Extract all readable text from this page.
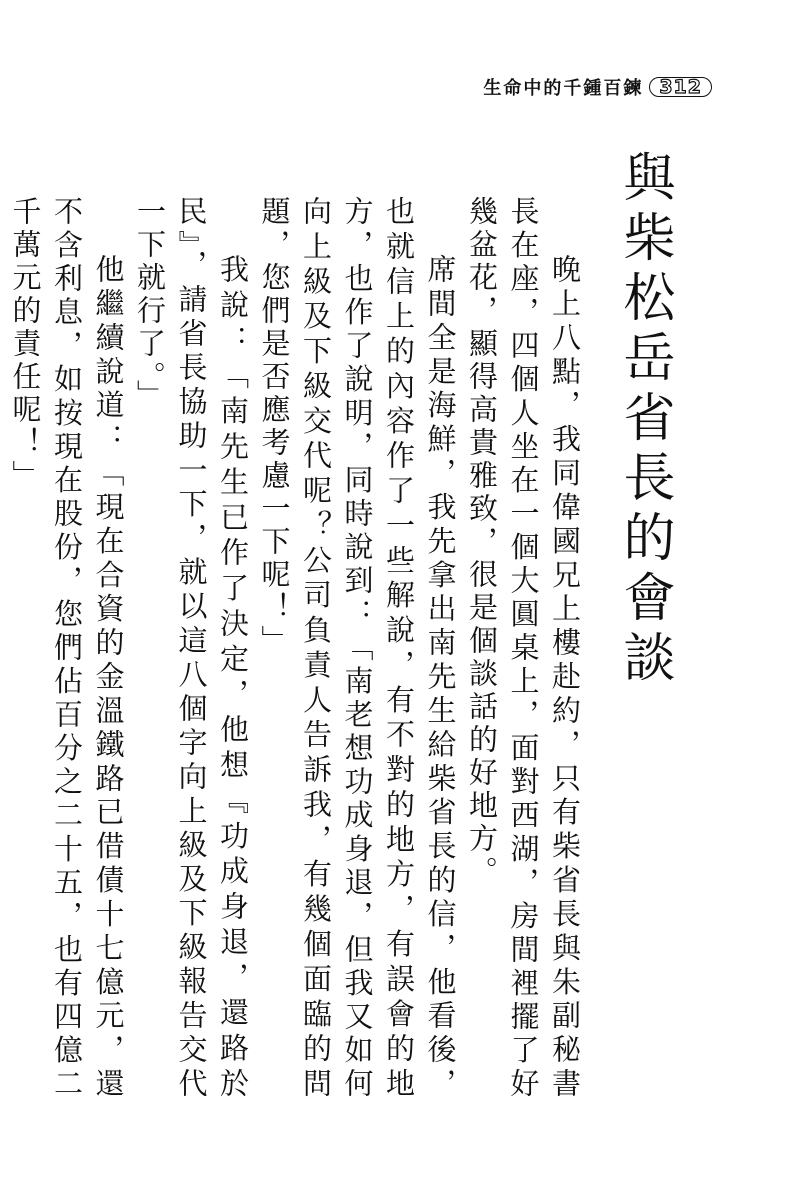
生命中的千鍾百鍊 312
與柴松岳省長的會談

晚上八點，我同偉國兄上樓赴約，只有柴省長與朱副秘書長在座，四個人坐在一個大圓桌上，面對西湖，房間裡擺了好幾盆花，顯得高貴雅致，很是個談話的好地方。

席間全是海鮮，我先拿出南先生給柴省長的信，他看後，也就信上的內容作了一些解說，有不對的地方，有誤會的地方，也作了說明，同時說到：「南老想功成身退，但我又如何向上級及下級交代呢？公司負責人告訴我，有幾個面臨的問題，您們是否應考慮一下呢！」

我說：「南先生已作了決定，他想『功成身退，還路於民』，請省長協助一下，就以這八個字向上級及下級報告交代一下就行了。」

他繼續說道：「現在合資的金溫鐵路已借債十七億元，還不含利息，如按現在股份，您們佔百分之二十五，也有四億二千萬元的責任呢！」
